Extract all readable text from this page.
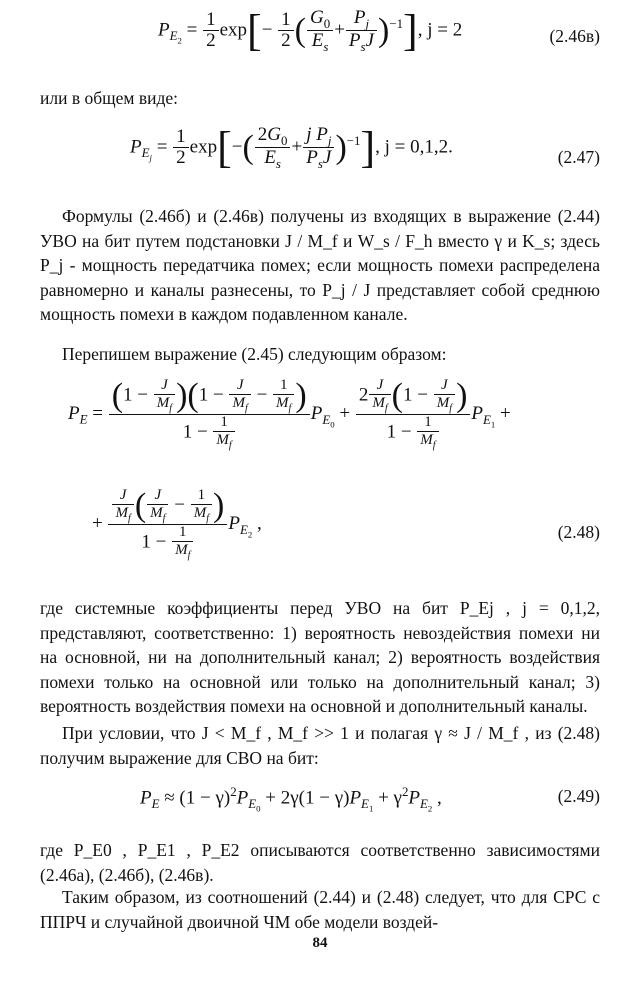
$P_{E_2} = \frac{1}{2} \exp[- \frac{1}{2}$ ( $\frac{G_0}{E_s} + \frac{P_j}{P_sJ} )^{-1}$], j = 2	(2.46в)

или в общем виде:

$P_{E_j} = \frac{1}{2} \exp[-( \frac{2G_0}{E_s} + \frac{j P_j}{P_sJ} )^{-1}]$, j = 0,1,2.	(2.47)

Формулы (2.46б) и (2.46в) получены из входящих в выражение (2.44) УВО на бит путем подстановки J / M_f и W_s / F_h вместо γ и K_s; здесь P_j - мощность передатчика помех; если мощность помехи распределена равномерно и каналы разнесены, то P_j / J представляет собой среднюю мощность помехи в каждом подавленном канале.

Перепишем выражение (2.45) следующим образом:

$P_E = \frac{(1 - \frac{J}{M_f} )(1 - \frac{J}{M_f} - \frac{1}{M_f} )}{1 - \frac{1}{M_f}} P_{E_0} + \frac{2 \frac{J}{M_f} (1 - \frac{J}{M_f} )}{1 - \frac{1}{M_f}} P_{E_1}$ +
+ $\frac{\frac{J}{M_f} ( \frac{J}{M_f} - \frac{1}{M_f} )}{1 - \frac{1}{M_f}} P_{E_2}$ ,	(2.48)

где системные коэффициенты перед УВО на бит P_Ej , j = 0,1,2, представляют, соответственно: 1) вероятность невоздействия помехи ни на основной, ни на дополнительный канал; 2) вероятность воздействия помехи только на основной или только на дополнительный канал; 3) вероятность воздействия помехи на основной и дополнительный каналы.

При условии, что J < M_f , M_f >> 1 и полагая γ ≈ J / M_f , из (2.48) получим выражение для СВО на бит:

$P_E \approx (1 - \gamma)^2P_{E_0} + 2\gamma(1 - \gamma)P_{E_1} + \gamma^2P_{E_2}$ ,	(2.49)

где P_E0 , P_E1 , P_E2 описываются соответственно зависимостями (2.46а), (2.46б), (2.46в).

Таким образом, из соотношений (2.44) и (2.48) следует, что для СРС с ППРЧ и случайной двоичной ЧМ обе модели воздей-

84
